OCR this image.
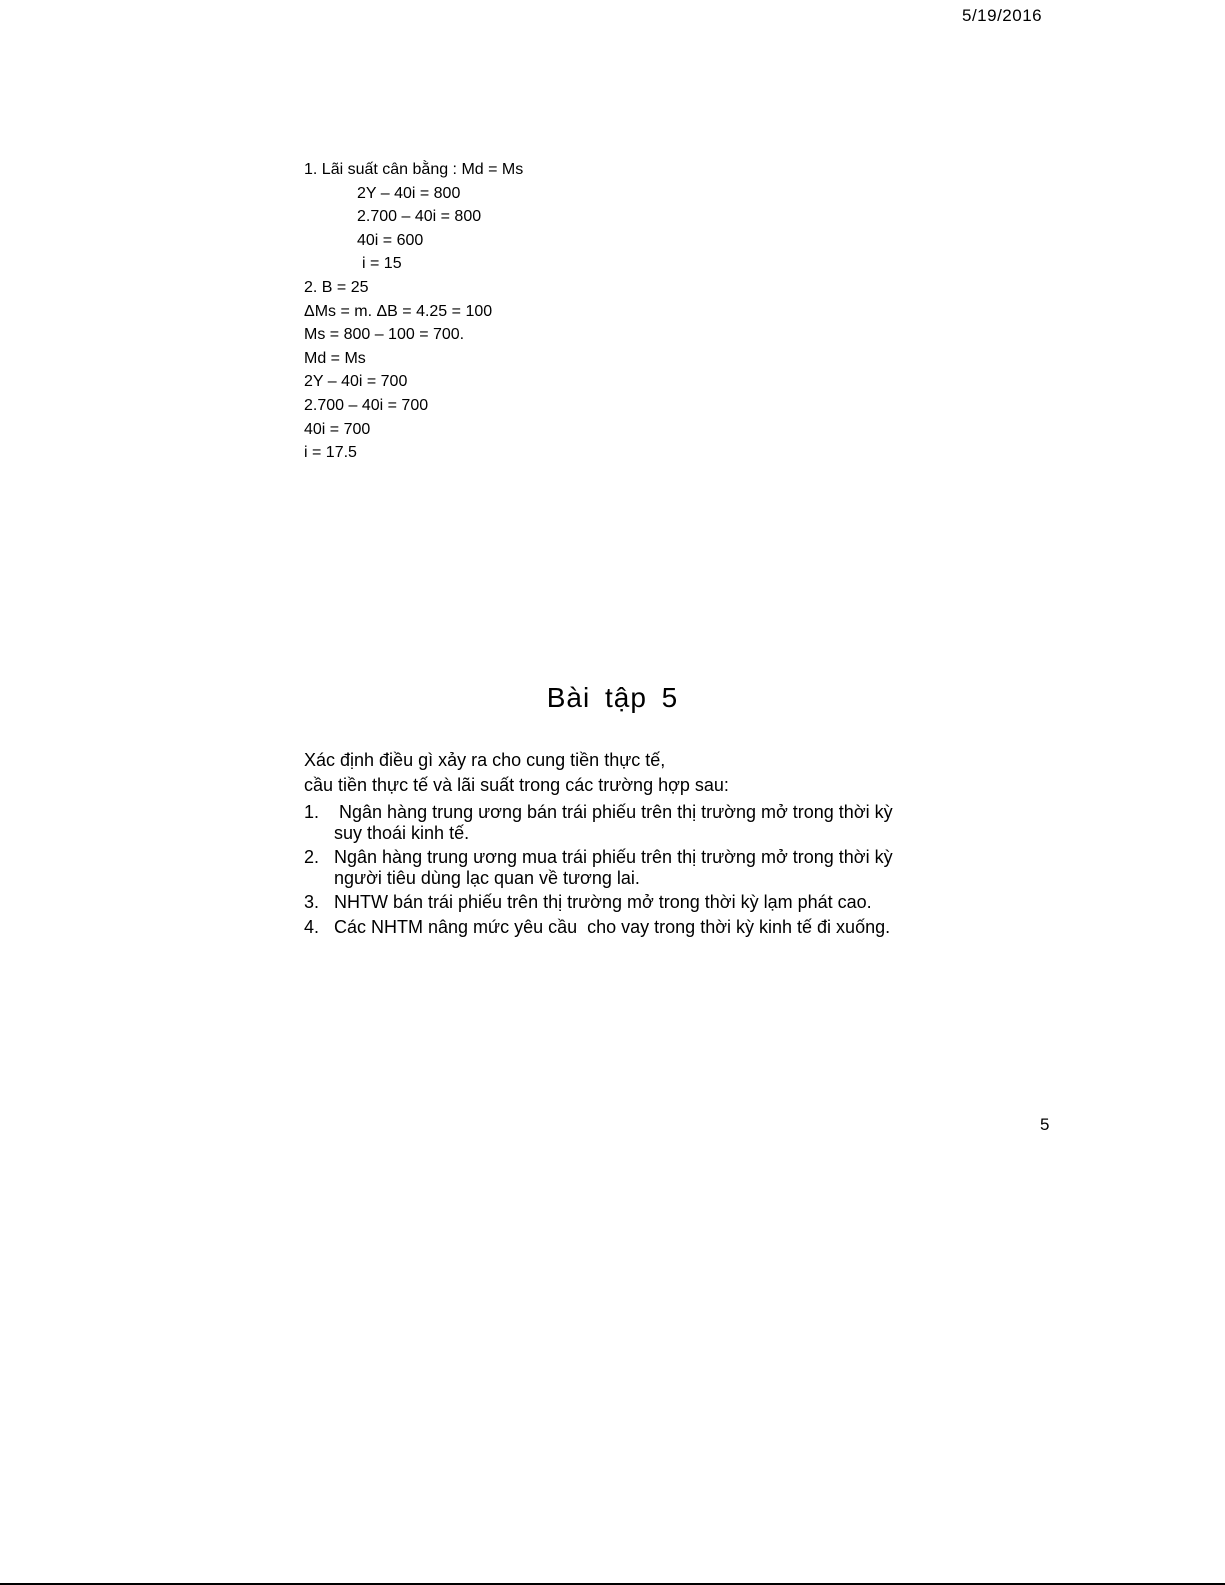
5/19/2016
1. Lãi suất cân bằng : Md = Ms
2Y – 40i = 800
2.700 – 40i = 800
40i = 600
i = 15
2. B = 25
ΔMs = m. ΔB = 4.25 = 100
Ms = 800 – 100 = 700.
Md = Ms
2Y – 40i = 700
2.700 – 40i = 700
40i = 700
i = 17.5
Bài tập 5
Xác định điều gì xảy ra cho cung tiền thực tế,
cầu tiền thực tế và lãi suất trong các trường hợp sau:
1. Ngân hàng trung ương bán trái phiếu trên thị trường mở trong thời kỳ suy thoái kinh tế.
2. Ngân hàng trung ương mua trái phiếu trên thị trường mở trong thời kỳ người tiêu dùng lạc quan về tương lai.
3. NHTW bán trái phiếu trên thị trường mở trong thời kỳ lạm phát cao.
4. Các NHTM nâng mức yêu cầu  cho vay trong thời kỳ kinh tế đi xuống.
5
